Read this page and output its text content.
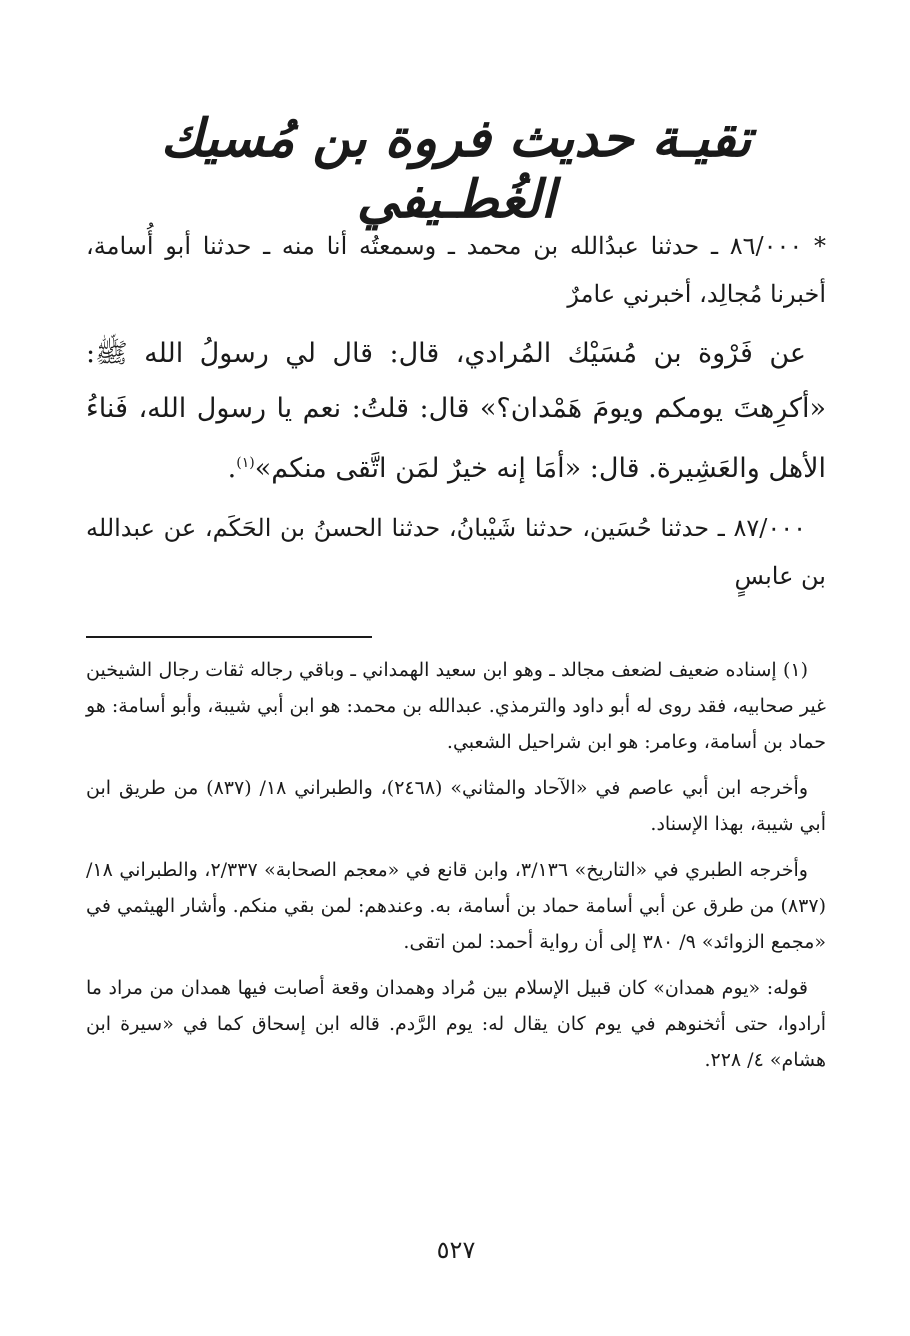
تقيـة حديث فروة بن مُسيك الغُطـيفي

* ٨٦/٠٠٠ ـ حدثنا عبدُالله بن محمد ـ وسمعتُه أنا منه ـ حدثنا أبو أُسامة، أخبرنا مُجالِد، أخبرني عامرٌ

عن فَرْوة بن مُسَيْك المُرادي، قال: قال لي رسولُ الله ﷺ: «أكرِهتَ يومكم ويومَ هَمْدان؟» قال: قلتُ: نعم يا رسول الله، فَناءُ الأهل والعَشِيرة. قال: «أمَا إنه خيرٌ لمَن اتَّقى منكم»$^{(١)}$.

٨٧/٠٠٠ ـ حدثنا حُسَين، حدثنا شَيْبانُ، حدثنا الحسنُ بن الحَكَم، عن عبدالله بن عابسٍ

(١) إسناده ضعيف لضعف مجالد ـ وهو ابن سعيد الهمداني ـ وباقي رجاله ثقات رجال الشيخين غير صحابيه، فقد روى له أبو داود والترمذي. عبدالله بن محمد: هو ابن أبي شيبة، وأبو أسامة: هو حماد بن أسامة، وعامر: هو ابن شراحيل الشعبي.

وأخرجه ابن أبي عاصم في «الآحاد والمثاني» (٢٤٦٨)، والطبراني ١٨/ (٨٣٧) من طريق ابن أبي شيبة، بهذا الإسناد.

وأخرجه الطبري في «التاريخ» ٣/١٣٦، وابن قانع في «معجم الصحابة» ٢/٣٣٧، والطبراني ١٨/ (٨٣٧) من طرق عن أبي أسامة حماد بن أسامة، به. وعندهم: لمن بقي منكم. وأشار الهيثمي في «مجمع الزوائد» ٩/ ٣٨٠ إلى أن رواية أحمد: لمن اتقى.

قوله: «يوم همدان» كان قبيل الإسلام بين مُراد وهمدان وقعة أصابت فيها همدان من مراد ما أرادوا، حتى أثخنوهم في يوم كان يقال له: يوم الرَّدم. قاله ابن إسحاق كما في «سيرة ابن هشام» ٤/ ٢٢٨.

٥٢٧
